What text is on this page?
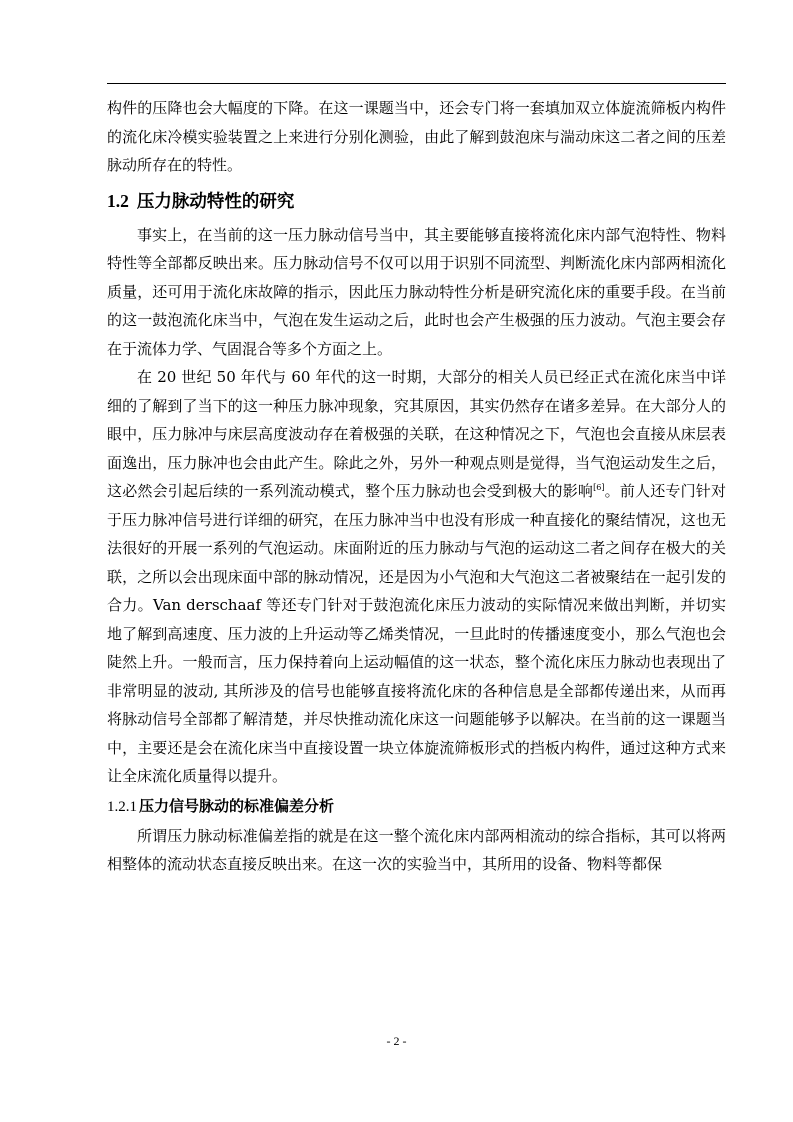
构件的压降也会大幅度的下降。在这一课题当中，还会专门将一套填加双立体旋流筛板内构件的流化床冷模实验装置之上来进行分别化测验，由此了解到鼓泡床与湍动床这二者之间的压差脉动所存在的特性。

1.2 压力脉动特性的研究

事实上，在当前的这一压力脉动信号当中，其主要能够直接将流化床内部气泡特性、物料特性等全部都反映出来。压力脉动信号不仅可以用于识别不同流型、判断流化床内部两相流化质量，还可用于流化床故障的指示，因此压力脉动特性分析是研究流化床的重要手段。在当前的这一鼓泡流化床当中，气泡在发生运动之后，此时也会产生极强的压力波动。气泡主要会存在于流体力学、气固混合等多个方面之上。

在 20 世纪 50 年代与 60 年代的这一时期，大部分的相关人员已经正式在流化床当中详细的了解到了当下的这一种压力脉冲现象，究其原因，其实仍然存在诸多差异。在大部分人的眼中，压力脉冲与床层高度波动存在着极强的关联，在这种情况之下，气泡也会直接从床层表面逸出，压力脉冲也会由此产生。除此之外，另外一种观点则是觉得，当气泡运动发生之后，这必然会引起后续的一系列流动模式，整个压力脉动也会受到极大的影响[6]。前人还专门针对于压力脉冲信号进行详细的研究，在压力脉冲当中也没有形成一种直接化的聚结情况，这也无法很好的开展一系列的气泡运动。床面附近的压力脉动与气泡的运动这二者之间存在极大的关联，之所以会出现床面中部的脉动情况，还是因为小气泡和大气泡这二者被聚结在一起引发的合力。Van derschaaf 等还专门针对于鼓泡流化床压力波动的实际情况来做出判断，并切实地了解到高速度、压力波的上升运动等乙烯类情况，一旦此时的传播速度变小，那么气泡也会陡然上升。一般而言，压力保持着向上运动幅值的这一状态，整个流化床压力脉动也表现出了非常明显的波动, 其所涉及的信号也能够直接将流化床的各种信息是全部都传递出来，从而再将脉动信号全部都了解清楚，并尽快推动流化床这一问题能够予以解决。在当前的这一课题当中，主要还是会在流化床当中直接设置一块立体旋流筛板形式的挡板内构件，通过这种方式来让全床流化质量得以提升。

1.2.1 压力信号脉动的标准偏差分析

所谓压力脉动标准偏差指的就是在这一整个流化床内部两相流动的综合指标，其可以将两相整体的流动状态直接反映出来。在这一次的实验当中，其所用的设备、物料等都保

- 2 -
